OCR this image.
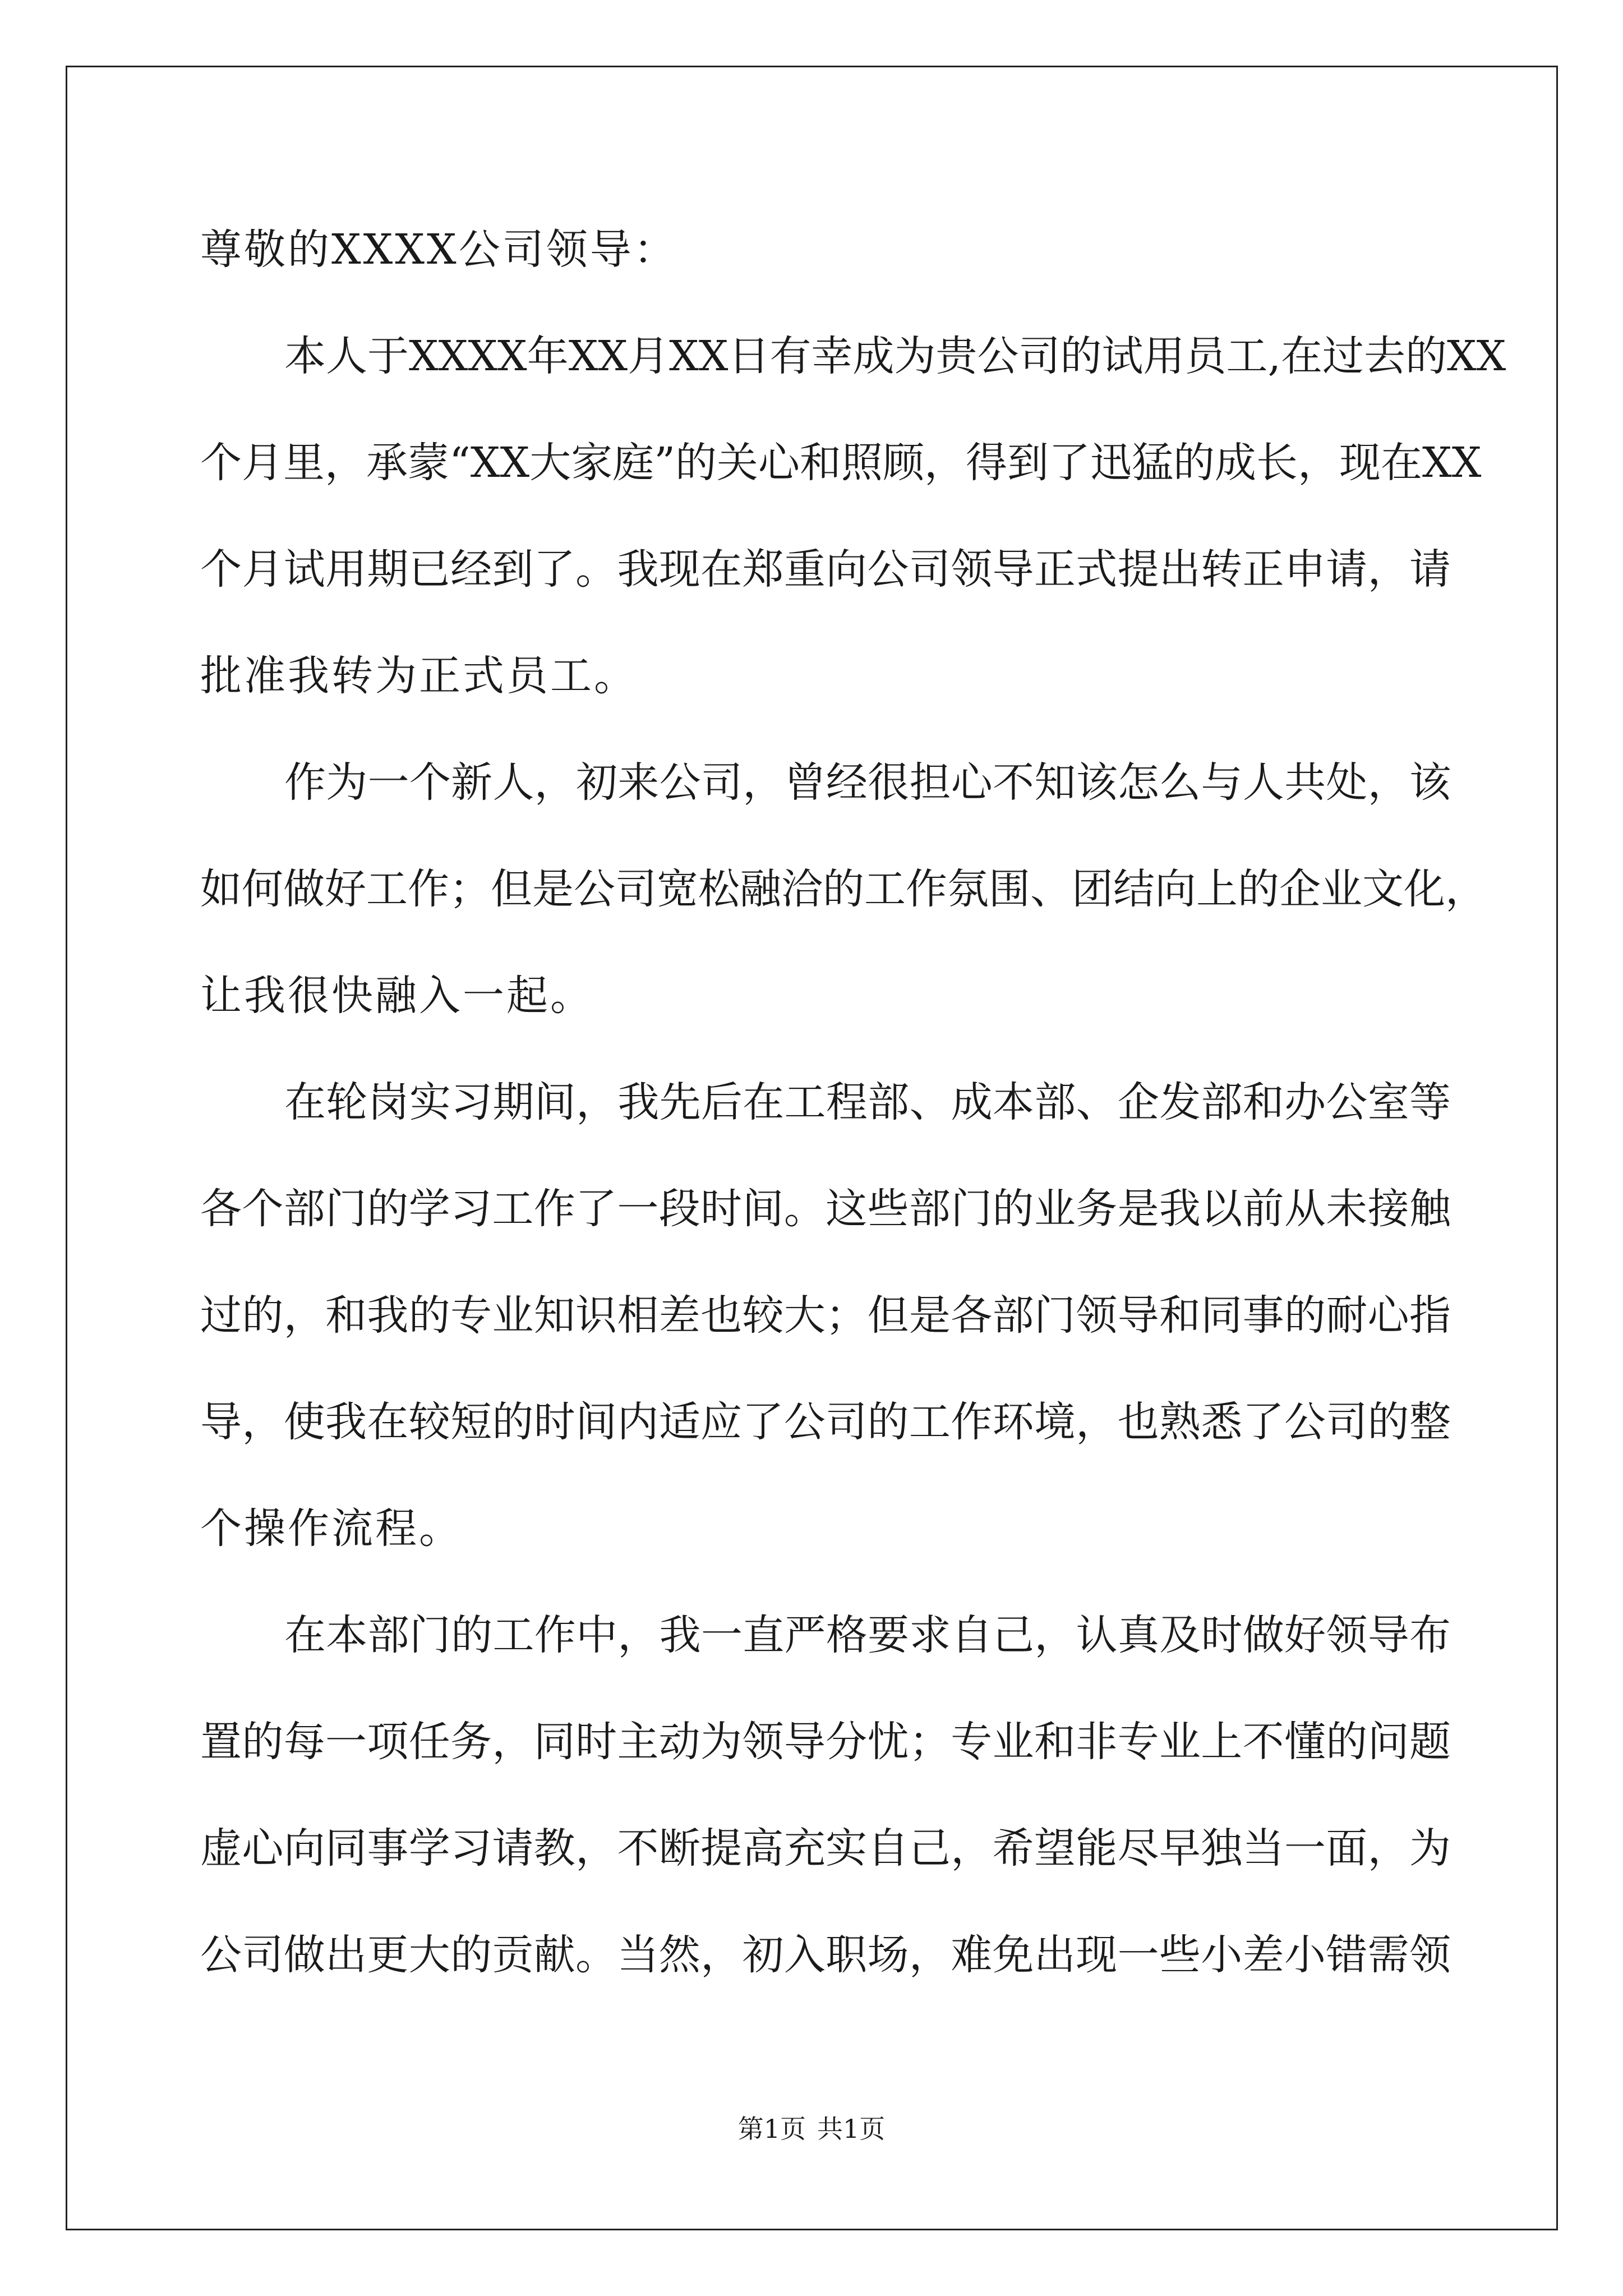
尊敬的XXXX公司领导：
本人于XXXX年XX月XX日有幸成为贵公司的试用员工,在过去的XX
个月里，承蒙“XX大家庭”的关心和照顾，得到了迅猛的成长，现在XX
个月试用期已经到了。我现在郑重向公司领导正式提出转正申请，请
批准我转为正式员工。
作为一个新人，初来公司，曾经很担心不知该怎么与人共处，该
如何做好工作；但是公司宽松融洽的工作氛围、团结向上的企业文化，
让我很快融入一起。
在轮岗实习期间，我先后在工程部、成本部、企发部和办公室等
各个部门的学习工作了一段时间。这些部门的业务是我以前从未接触
过的，和我的专业知识相差也较大；但是各部门领导和同事的耐心指
导，使我在较短的时间内适应了公司的工作环境，也熟悉了公司的整
个操作流程。
在本部门的工作中，我一直严格要求自己，认真及时做好领导布
置的每一项任务，同时主动为领导分忧；专业和非专业上不懂的问题
虚心向同事学习请教，不断提高充实自己，希望能尽早独当一面，为
公司做出更大的贡献。当然，初入职场，难免出现一些小差小错需领
第1页 共1页
